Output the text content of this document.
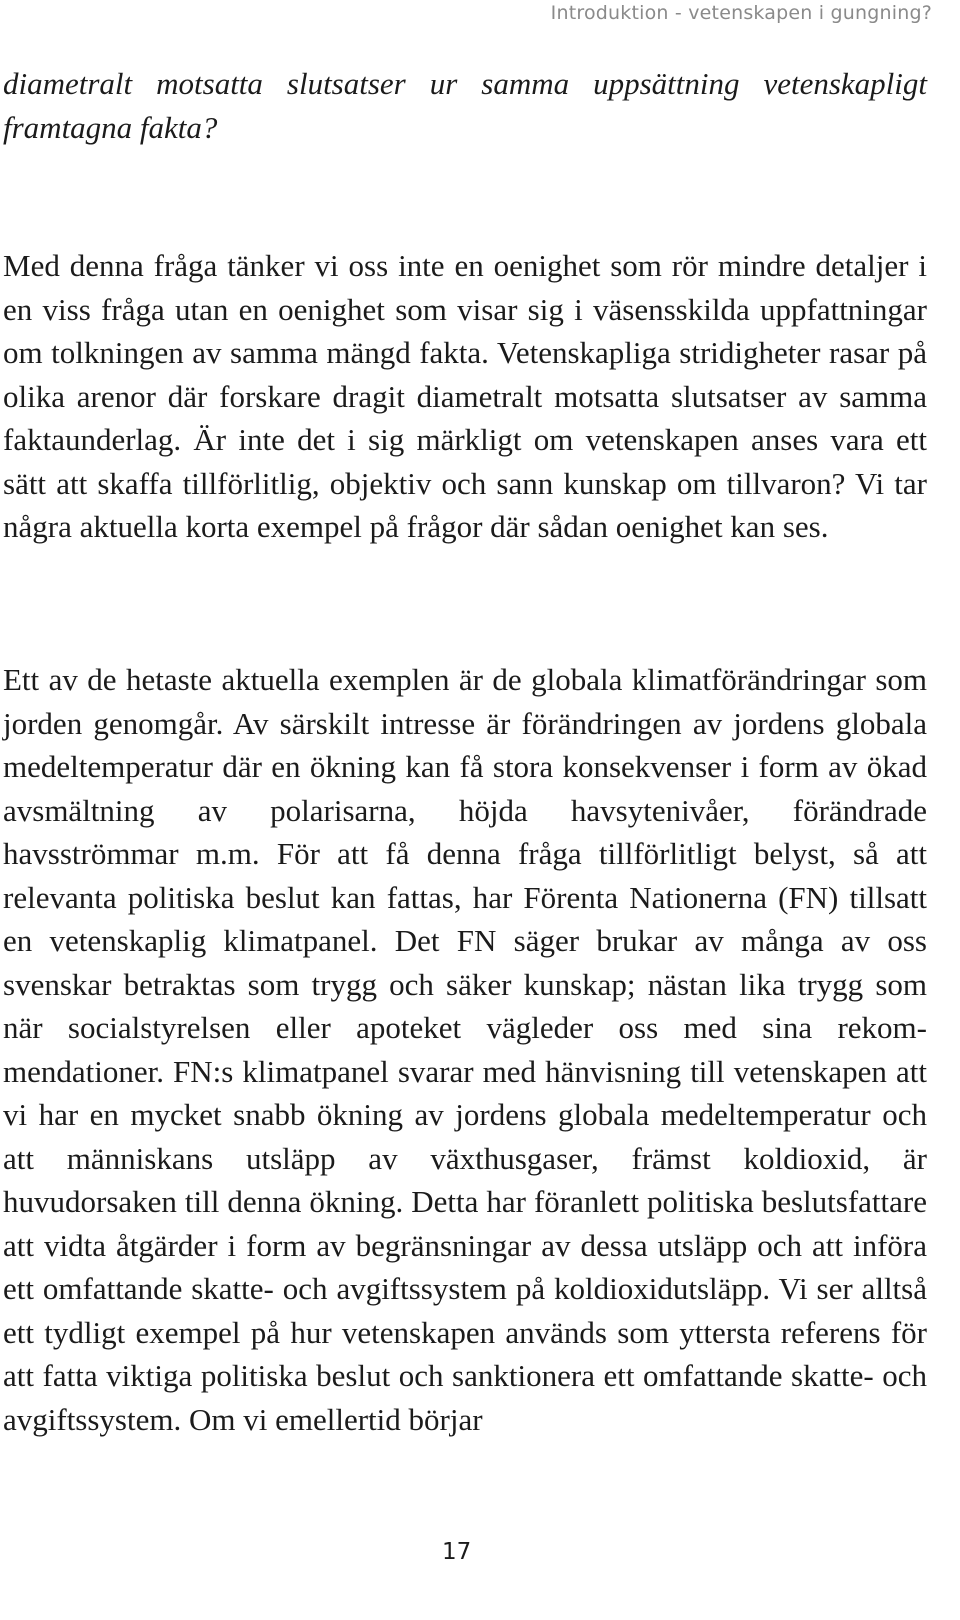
Introduktion - vetenskapen i gungning?

diametralt motsatta slutsatser ur samma uppsättning vetenskapligt framtagna fakta?

Med denna fråga tänker vi oss inte en oenighet som rör mindre detaljer i en viss fråga utan en oenighet som visar sig i väsensskilda uppfattningar om tolkningen av samma mängd fakta. Vetenskapliga stridigheter rasar på olika arenor där forskare dragit diametralt motsatta slutsatser av samma faktaunderlag. Är inte det i sig märkligt om vetenskapen anses vara ett sätt att skaffa tillförlitlig, objektiv och sann kunskap om tillvaron? Vi tar några aktuella korta exempel på frågor där sådan oenighet kan ses.

Ett av de hetaste aktuella exemplen är de globala klimatförändringar som jorden genomgår. Av särskilt intresse är förändringen av jordens globala medeltemperatur där en ökning kan få stora konsekvenser i form av ökad avsmältning av polarisarna, höjda havsytenivåer, förändrade havsströmmar m.m. För att få denna fråga tillförlitligt belyst, så att relevanta politiska beslut kan fattas, har Förenta Nationerna (FN) tillsatt en vetenskaplig klimatpanel. Det FN säger brukar av många av oss svenskar betraktas som trygg och säker kunskap; nästan lika trygg som när socialstyrelsen eller apoteket vägleder oss med sina rekommendationer. FN:s klimatpanel svarar med hänvisning till vetenskapen att vi har en mycket snabb ökning av jordens globala medeltemperatur och att människans utsläpp av växthusgaser, främst koldioxid, är huvudorsaken till denna ökning. Detta har föranlett politiska beslutsfattare att vidta åtgärder i form av begränsningar av dessa utsläpp och att införa ett omfattande skatte- och avgiftssystem på koldioxidutsläpp. Vi ser alltså ett tydligt exempel på hur vetenskapen används som yttersta referens för att fatta viktiga politiska beslut och sanktionera ett omfattande skatte- och avgiftssystem. Om vi emellertid börjar

17
